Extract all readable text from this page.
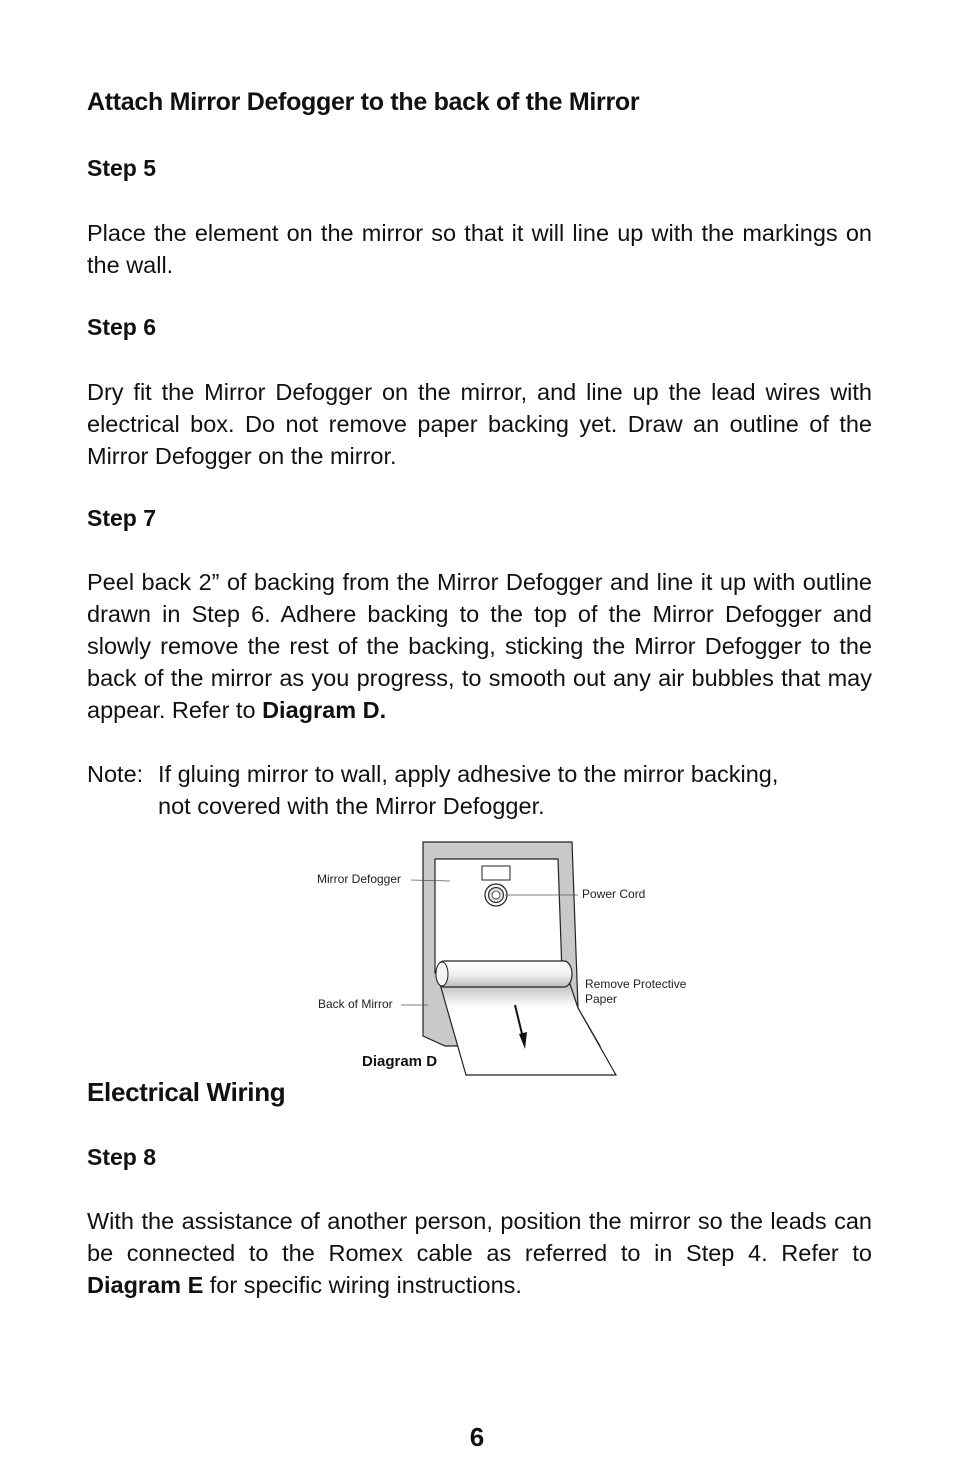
Attach Mirror Defogger to the back of the Mirror
Step 5

Place the element on the mirror so that it will line up with the markings on the wall.

Step 6

Dry fit the Mirror Defogger on the mirror, and line up the lead wires with electrical box. Do not remove paper backing yet. Draw an outline of the Mirror Defogger on the mirror.

Step 7

Peel back 2” of backing from the Mirror Defogger and line it up with outline drawn in Step 6. Adhere backing to the top of the Mirror Defogger and slowly remove the rest of the backing, sticking the Mirror Defogger to the back of the mirror as you progress, to smooth out any air bubbles that may appear. Refer to Diagram D.

Note: If gluing mirror to wall, apply adhesive to the mirror backing,
not covered with the Mirror Defogger.
Electrical Wiring
Step 8

With the assistance of another person, position the mirror so the leads can be connected to the Romex cable as referred to in Step 4. Refer to Diagram E for specific wiring instructions.

Mirror Defogger
Power Cord
Back of Mirror
Remove Protective
Paper
Diagram D
6
